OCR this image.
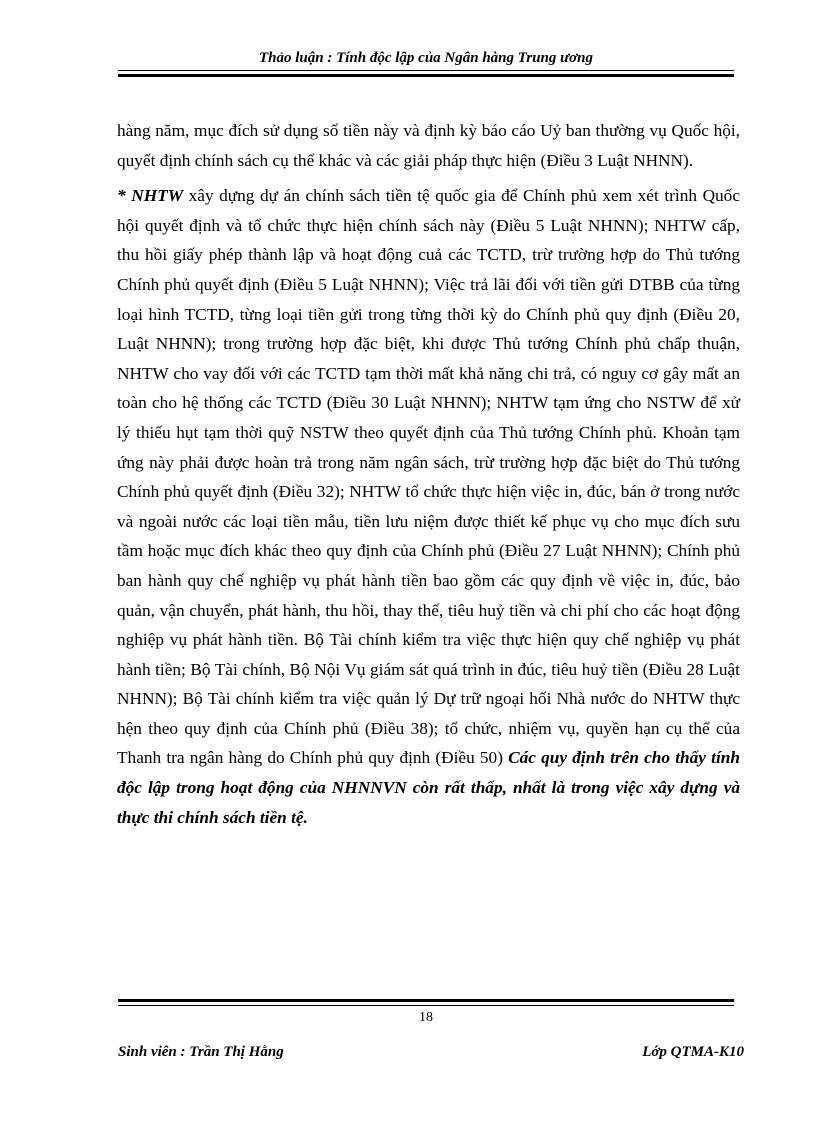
Thảo luận : Tính độc lập của Ngân hàng Trung ương

hàng năm, mục đích sử dụng số tiền này và định kỳ báo cáo Uỷ ban thường vụ Quốc hội, quyết định chính sách cụ thể khác và các giải pháp thực hiện (Điều 3 Luật NHNN).

* NHTW xây dựng dự án chính sách tiền tệ quốc gia để Chính phủ xem xét trình Quốc hội quyết định và tổ chức thực hiện chính sách này (Điều 5 Luật NHNN); NHTW cấp, thu hồi giấy phép thành lập và hoạt động cuả các TCTD, trừ trường hợp do Thủ tướng Chính phủ quyết định (Điều 5 Luật NHNN); Việc trả lãi đối với tiền gửi DTBB của từng loại hình TCTD, từng loại tiền gửi trong từng thời kỳ do Chính phủ quy định (Điều 20, Luật NHNN); trong trường hợp đặc biệt, khi được Thủ tướng Chính phủ chấp thuận, NHTW cho vay đối với các TCTD tạm thời mất khả năng chi trả, có nguy cơ gây mất an toàn cho hệ thống các TCTD (Điều 30 Luật NHNN); NHTW tạm ứng cho NSTW để xử lý thiếu hụt tạm thời quỹ NSTW theo quyết định của Thủ tướng Chính phủ. Khoản tạm ứng này phải được hoàn trả trong năm ngân sách, trừ trường hợp đặc biệt do Thủ tướng Chính phủ quyết định (Điều 32); NHTW tổ chức thực hiện việc in, đúc, bán ở trong nước và ngoài nước các loại tiền mẫu, tiền lưu niệm được thiết kế phục vụ cho mục đích sưu tầm hoặc mục đích khác theo quy định của Chính phủ (Điều 27 Luật NHNN); Chính phủ ban hành quy chế nghiệp vụ phát hành tiền bao gồm các quy định về việc in, đúc, bảo quản, vận chuyển, phát hành, thu hồi, thay thế, tiêu huỷ tiền và chi phí cho các hoạt động nghiệp vụ phát hành tiền. Bộ Tài chính kiểm tra việc thực hiện quy chế nghiệp vụ phát hành tiền; Bộ Tài chính, Bộ Nội Vụ giám sát quá trình in đúc, tiêu huỷ tiền (Điều 28 Luật NHNN); Bộ Tài chính kiểm tra việc quản lý Dự trữ ngoại hối Nhà nước do NHTW thực hện theo quy định của Chính phủ (Điều 38); tổ chức, nhiệm vụ, quyền hạn cụ thể của Thanh tra ngân hàng do Chính phủ quy định (Điều 50) Các quy định trên cho thấy tính độc lập trong hoạt động của NHNNVN còn rất thấp, nhất là trong việc xây dựng và thực thi chính sách tiền tệ.

18
Sinh viên : Trần Thị Hằng	Lớp QTMA-K10
